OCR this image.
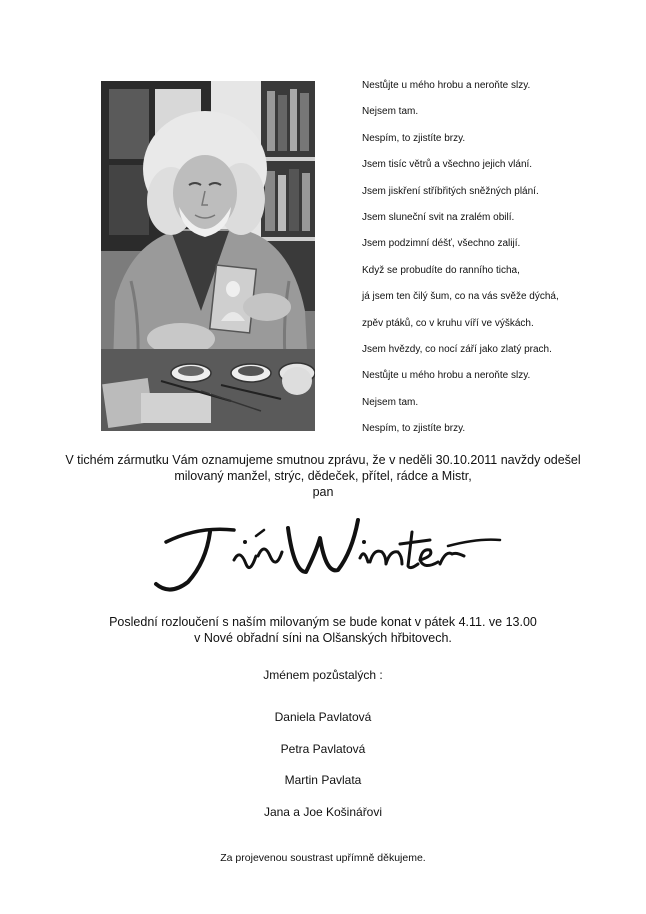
Nestůjte u mého hrobu a neroňte slzy.
Nejsem tam.
Nespím, to zjistíte brzy.
Jsem tisíc větrů a všechno jejich vlání.
Jsem jiskření stříbřitých sněžných plání.
Jsem sluneční svit na zralém obilí.
Jsem podzimní déšť, všechno zalijí.
Když se probudíte do ranního ticha,
já jsem ten čilý šum, co na vás svěže dýchá,
zpěv ptáků, co v kruhu víří ve výškách.
Jsem hvězdy, co nocí září jako zlatý prach.
Nestůjte u mého hrobu a neroňte slzy.
Nejsem tam.
Nespím, to zjistíte brzy.

V tichém zármutku Vám oznamujeme smutnou zprávu, že v neděli 30.10.2011 navždy odešel

milovaný manžel, strýc, dědeček, přítel, rádce a Mistr,

pan

Poslední rozloučení s naším milovaným se bude konat v pátek 4.11. ve 13.00

v Nové obřadní síni na Olšanských hřbitovech.

Jménem pozůstalých :
Daniela Pavlatová
Petra Pavlatová
Martin Pavlata
Jana a Joe Košinářovi
Za projevenou soustrast upřímně děkujeme.
